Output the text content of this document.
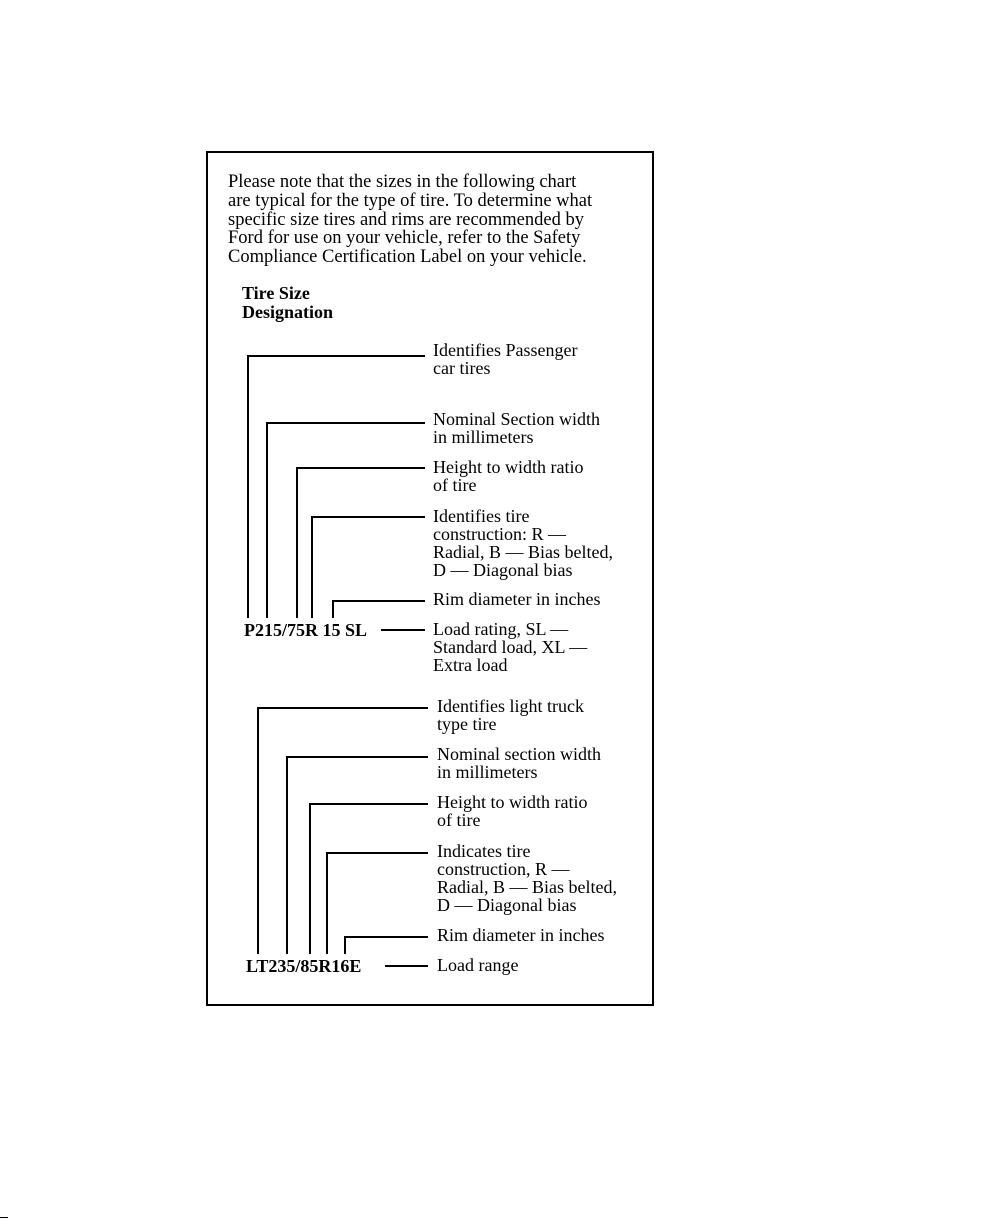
Please note that the sizes in the following chart
are typical for the type of tire. To determine what
specific size tires and rims are recommended by
Ford for use on your vehicle, refer to the Safety
Compliance Certification Label on your vehicle.

Tire Size
Designation
P215/75R 15 SL
Identifies Passenger
car tires
Nominal Section width
in millimeters
Height to width ratio
of tire
Identifies tire
construction: R —
Radial, B — Bias belted,
D — Diagonal bias
Rim diameter in inches
Load rating, SL —
Standard load, XL —
Extra load
LT235/85R16E
Identifies light truck
type tire
Nominal section width
in millimeters
Height to width ratio
of tire
Indicates tire
construction, R —
Radial, B — Bias belted,
D — Diagonal bias
Rim diameter in inches
Load range
